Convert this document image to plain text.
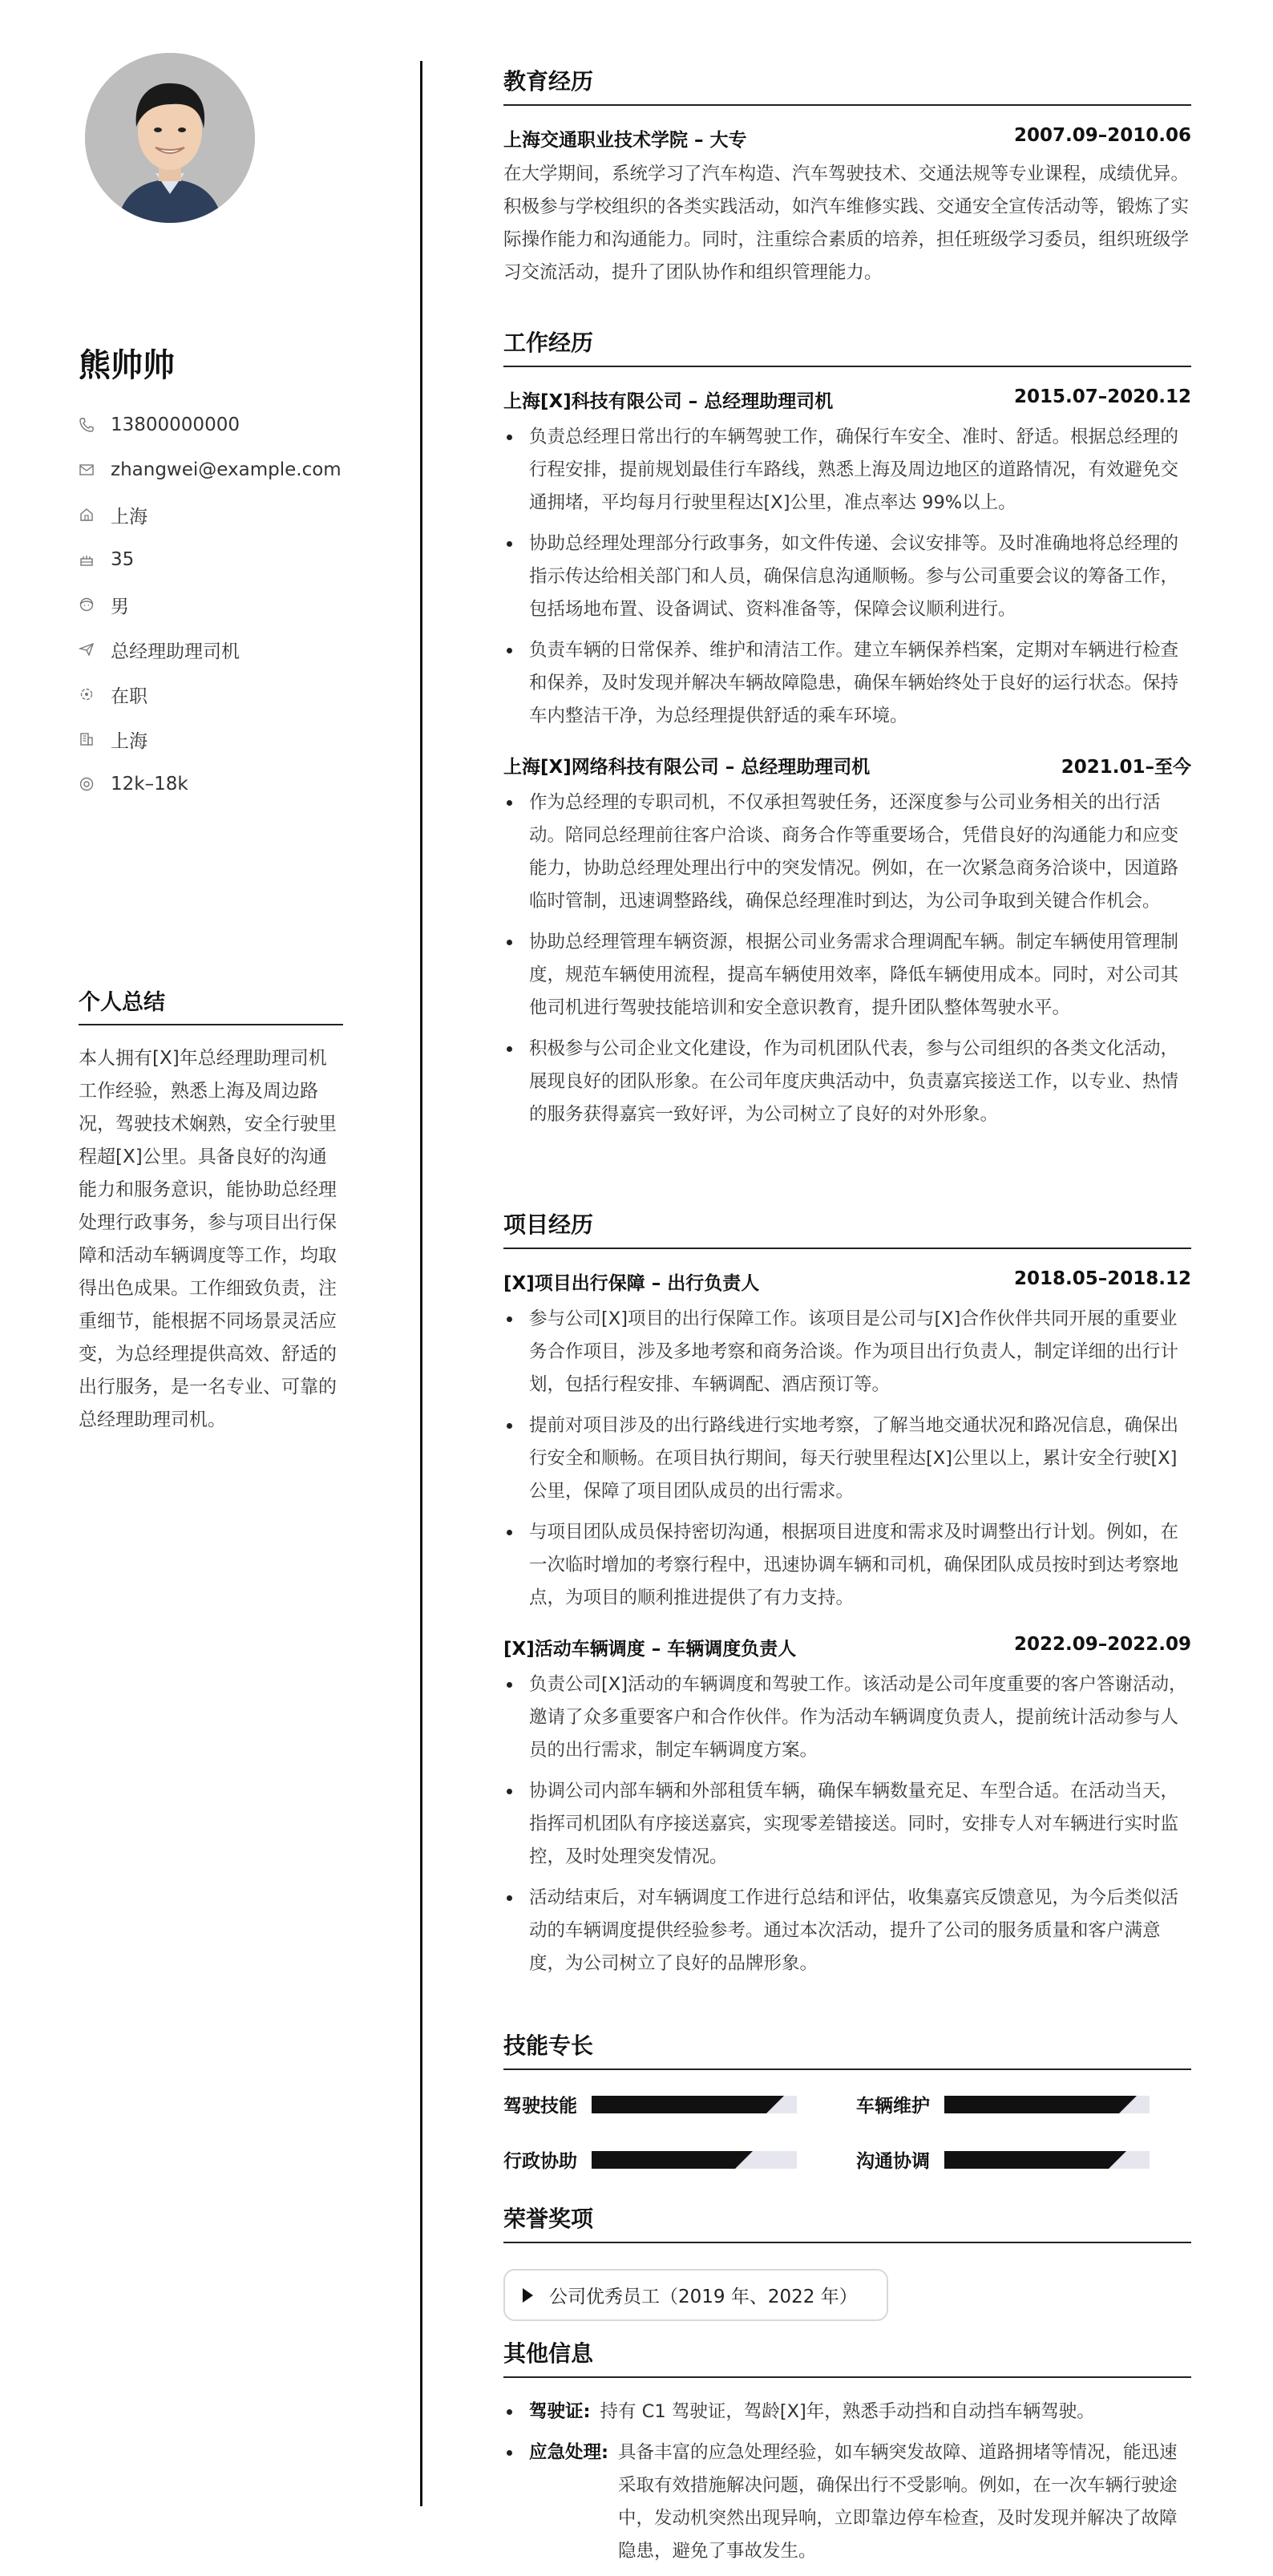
熊帅帅
13800000000
zhangwei@example.com
上海
35
男
总经理助理司机
在职
上海
12k–18k
个人总结
本人拥有[X]年总经理助理司机工作经验，熟悉上海及周边路况，驾驶技术娴熟，安全行驶里程超[X]公里。具备良好的沟通能力和服务意识，能协助总经理处理行政事务，参与项目出行保障和活动车辆调度等工作，均取得出色成果。工作细致负责，注重细节，能根据不同场景灵活应变，为总经理提供高效、舒适的出行服务，是一名专业、可靠的总经理助理司机。
教育经历
上海交通职业技术学院 – 大专	2007.09–2010.06
在大学期间，系统学习了汽车构造、汽车驾驶技术、交通法规等专业课程，成绩优异。积极参与学校组织的各类实践活动，如汽车维修实践、交通安全宣传活动等，锻炼了实际操作能力和沟通能力。同时，注重综合素质的培养，担任班级学习委员，组织班级学习交流活动，提升了团队协作和组织管理能力。
工作经历
上海[X]科技有限公司 – 总经理助理司机	2015.07–2020.12
负责总经理日常出行的车辆驾驶工作，确保行车安全、准时、舒适。根据总经理的行程安排，提前规划最佳行车路线，熟悉上海及周边地区的道路情况，有效避免交通拥堵，平均每月行驶里程达[X]公里，准点率达 99%以上。
协助总经理处理部分行政事务，如文件传递、会议安排等。及时准确地将总经理的指示传达给相关部门和人员，确保信息沟通顺畅。参与公司重要会议的筹备工作，包括场地布置、设备调试、资料准备等，保障会议顺利进行。
负责车辆的日常保养、维护和清洁工作。建立车辆保养档案，定期对车辆进行检查和保养，及时发现并解决车辆故障隐患，确保车辆始终处于良好的运行状态。保持车内整洁干净，为总经理提供舒适的乘车环境。
上海[X]网络科技有限公司 – 总经理助理司机	2021.01–至今
作为总经理的专职司机，不仅承担驾驶任务，还深度参与公司业务相关的出行活动。陪同总经理前往客户洽谈、商务合作等重要场合，凭借良好的沟通能力和应变能力，协助总经理处理出行中的突发情况。例如，在一次紧急商务洽谈中，因道路临时管制，迅速调整路线，确保总经理准时到达，为公司争取到关键合作机会。
协助总经理管理车辆资源，根据公司业务需求合理调配车辆。制定车辆使用管理制度，规范车辆使用流程，提高车辆使用效率，降低车辆使用成本。同时，对公司其他司机进行驾驶技能培训和安全意识教育，提升团队整体驾驶水平。
积极参与公司企业文化建设，作为司机团队代表，参与公司组织的各类文化活动，展现良好的团队形象。在公司年度庆典活动中，负责嘉宾接送工作，以专业、热情的服务获得嘉宾一致好评，为公司树立了良好的对外形象。
项目经历
[X]项目出行保障 – 出行负责人	2018.05–2018.12
参与公司[X]项目的出行保障工作。该项目是公司与[X]合作伙伴共同开展的重要业务合作项目，涉及多地考察和商务洽谈。作为项目出行负责人，制定详细的出行计划，包括行程安排、车辆调配、酒店预订等。
提前对项目涉及的出行路线进行实地考察，了解当地交通状况和路况信息，确保出行安全和顺畅。在项目执行期间，每天行驶里程达[X]公里以上，累计安全行驶[X]公里，保障了项目团队成员的出行需求。
与项目团队成员保持密切沟通，根据项目进度和需求及时调整出行计划。例如，在一次临时增加的考察行程中，迅速协调车辆和司机，确保团队成员按时到达考察地点，为项目的顺利推进提供了有力支持。
[X]活动车辆调度 – 车辆调度负责人	2022.09–2022.09
负责公司[X]活动的车辆调度和驾驶工作。该活动是公司年度重要的客户答谢活动，邀请了众多重要客户和合作伙伴。作为活动车辆调度负责人，提前统计活动参与人员的出行需求，制定车辆调度方案。
协调公司内部车辆和外部租赁车辆，确保车辆数量充足、车型合适。在活动当天，指挥司机团队有序接送嘉宾，实现零差错接送。同时，安排专人对车辆进行实时监控，及时处理突发情况。
活动结束后，对车辆调度工作进行总结和评估，收集嘉宾反馈意见，为今后类似活动的车辆调度提供经验参考。通过本次活动，提升了公司的服务质量和客户满意度，为公司树立了良好的品牌形象。
技能专长
驾驶技能	车辆维护
行政协助	沟通协调
荣誉奖项
公司优秀员工（2019 年、2022 年）
其他信息
驾驶证: 持有 C1 驾驶证，驾龄[X]年，熟悉手动挡和自动挡车辆驾驶。
应急处理: 具备丰富的应急处理经验，如车辆突发故障、道路拥堵等情况，能迅速采取有效措施解决问题，确保出行不受影响。例如，在一次车辆行驶途中，发动机突然出现异响，立即靠边停车检查，及时发现并解决了故障隐患，避免了事故发生。
